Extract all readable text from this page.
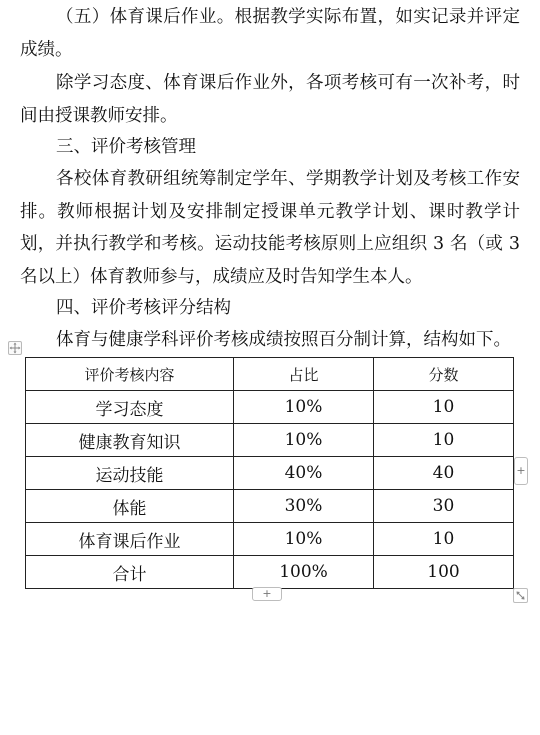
（五）体育课后作业。根据教学实际布置，如实记录并评定成绩。

除学习态度、体育课后作业外，各项考核可有一次补考，时间由授课教师安排。

三、评价考核管理

各校体育教研组统筹制定学年、学期教学计划及考核工作安排。教师根据计划及安排制定授课单元教学计划、课时教学计划，并执行教学和考核。运动技能考核原则上应组织 3 名（或 3 名以上）体育教师参与，成绩应及时告知学生本人。

四、评价考核评分结构

体育与健康学科评价考核成绩按照百分制计算，结构如下。

评价考核内容	占比	分数
学习态度	10%	10
健康教育知识	10%	10
运动技能	40%	40
体能	30%	30
体育课后作业	10%	10
合计	100%	100
+
+
